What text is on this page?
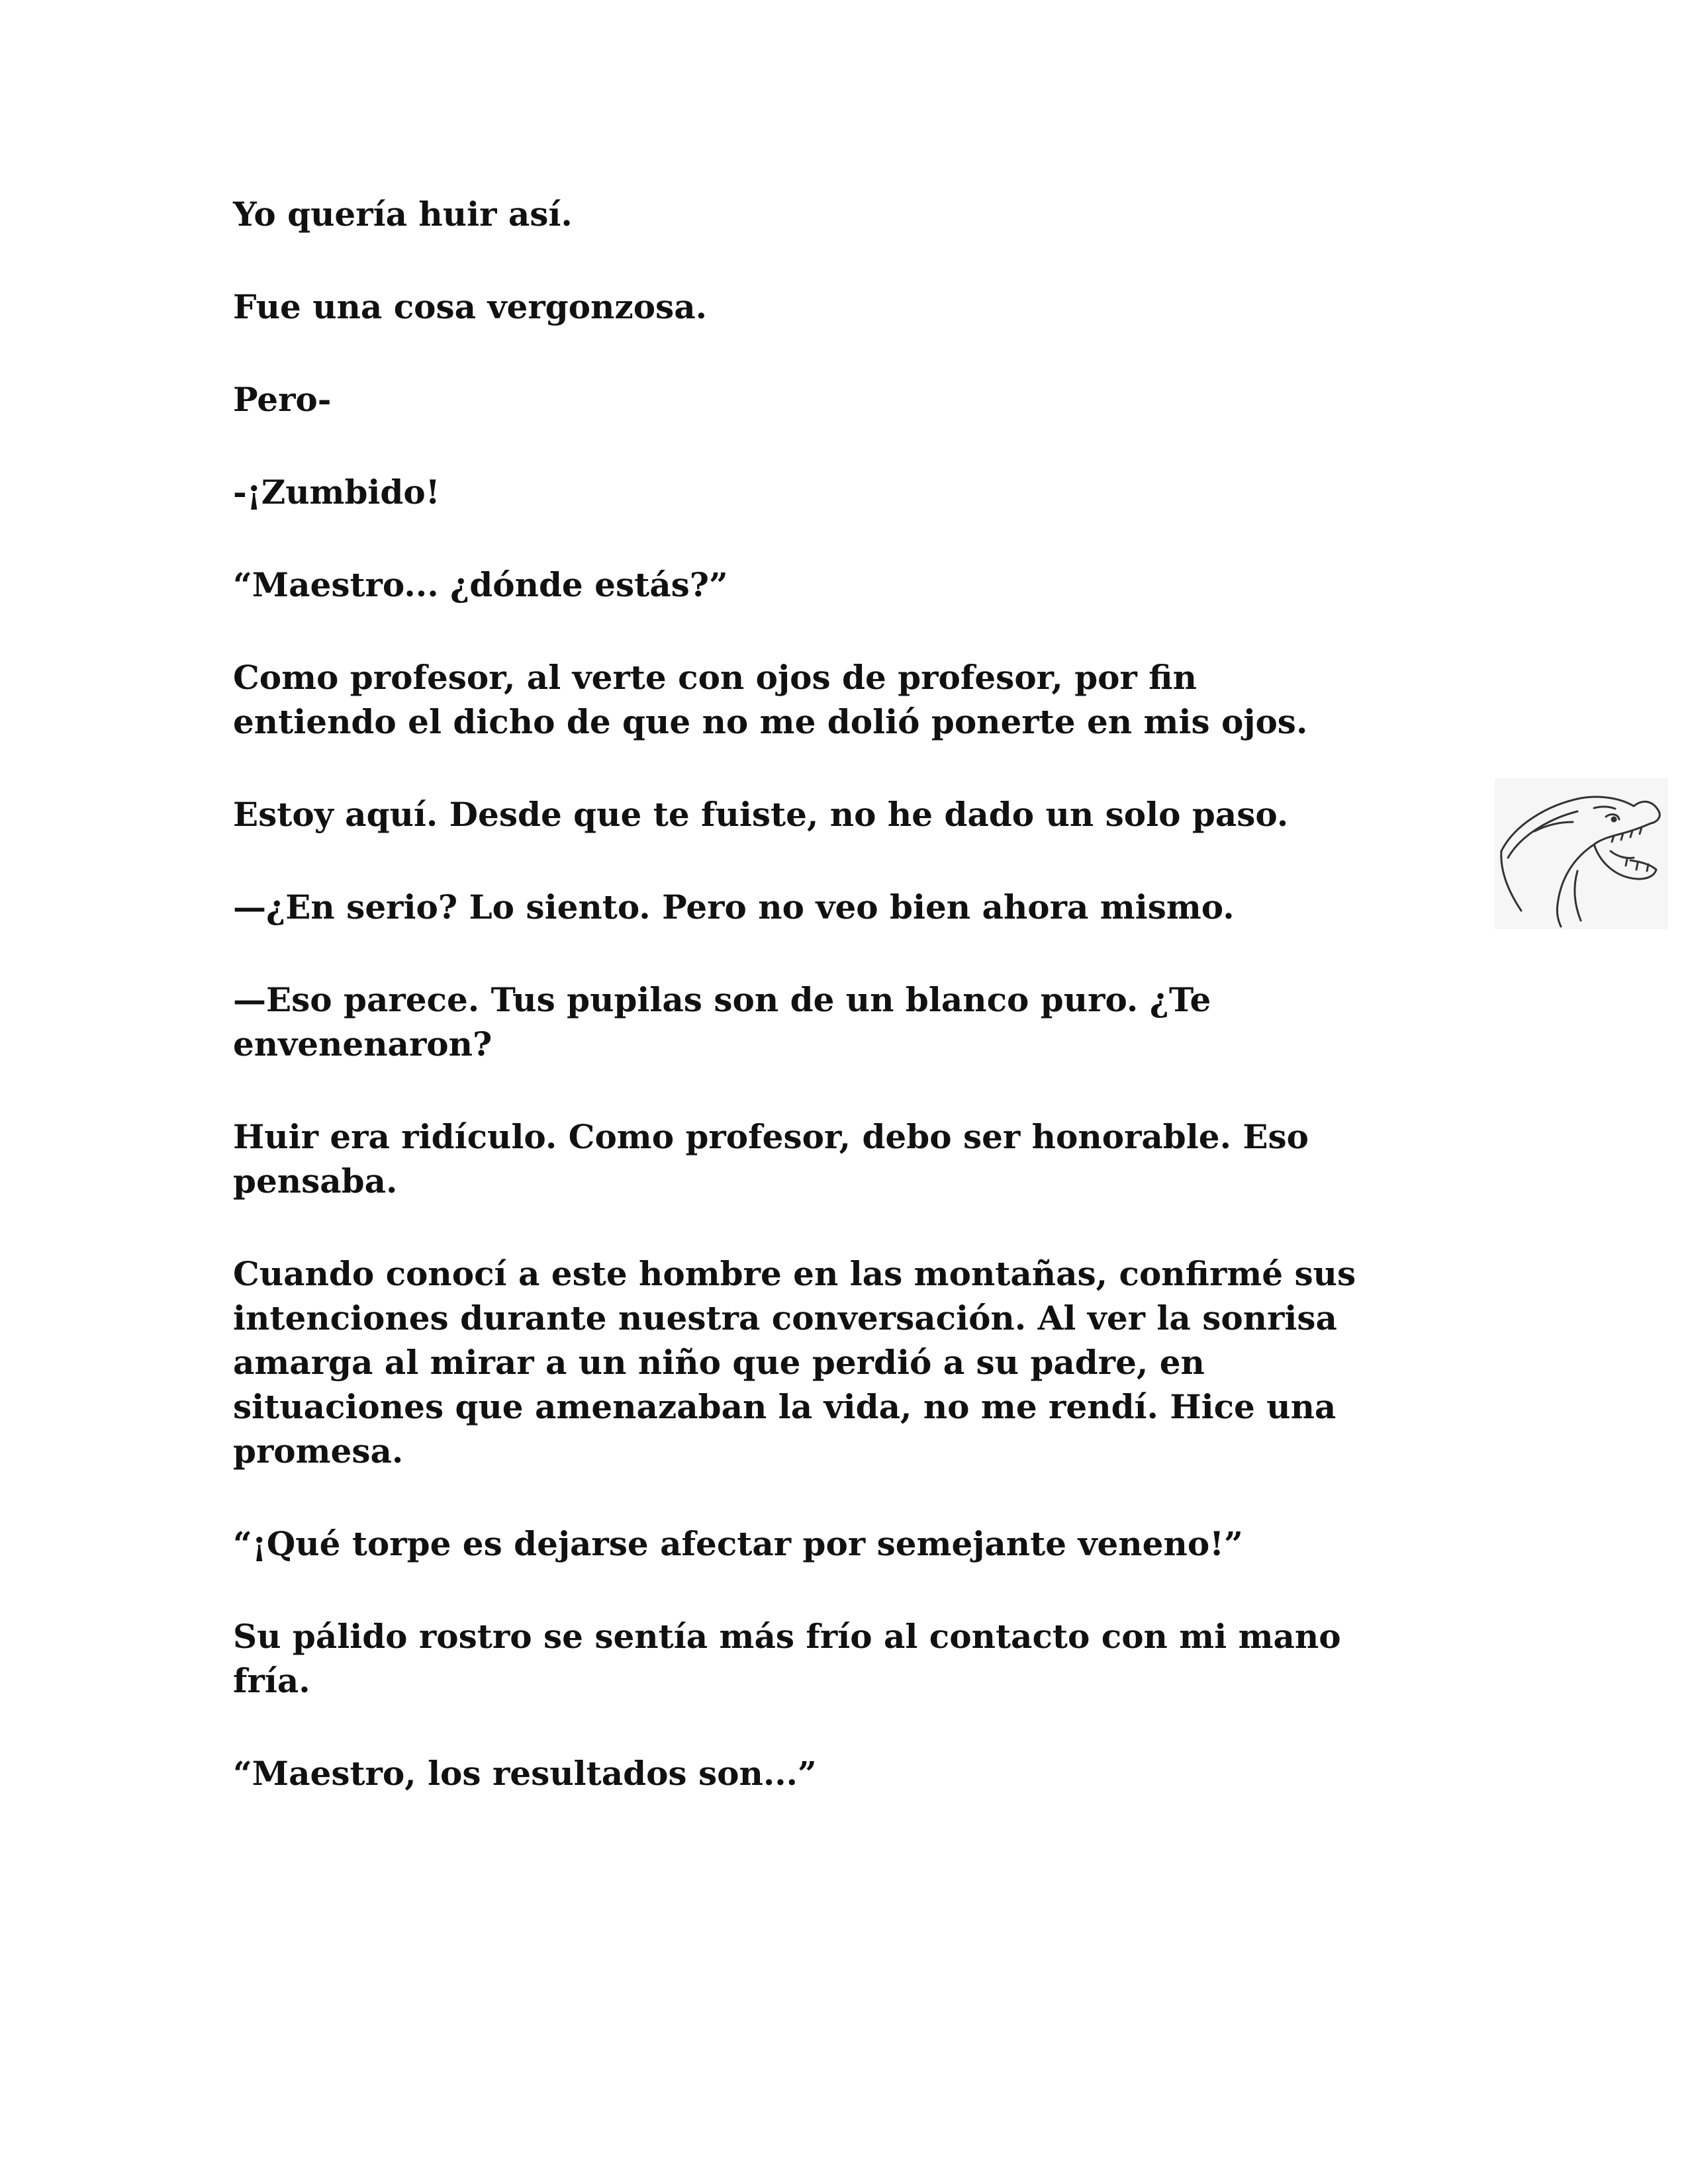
Yo quería huir así.

Fue una cosa vergonzosa.

Pero-

-¡Zumbido!

“Maestro... ¿dónde estás?”

Como profesor, al verte con ojos de profesor, por fin
entiendo el dicho de que no me dolió ponerte en mis ojos.

Estoy aquí. Desde que te fuiste, no he dado un solo paso.

—¿En serio? Lo siento. Pero no veo bien ahora mismo.

—Eso parece. Tus pupilas son de un blanco puro. ¿Te
envenenaron?

Huir era ridículo. Como profesor, debo ser honorable. Eso
pensaba.

Cuando conocí a este hombre en las montañas, confirmé sus
intenciones durante nuestra conversación. Al ver la sonrisa
amarga al mirar a un niño que perdió a su padre, en
situaciones que amenazaban la vida, no me rendí. Hice una
promesa.

“¡Qué torpe es dejarse afectar por semejante veneno!”

Su pálido rostro se sentía más frío al contacto con mi mano
fría.

“Maestro, los resultados son...”
